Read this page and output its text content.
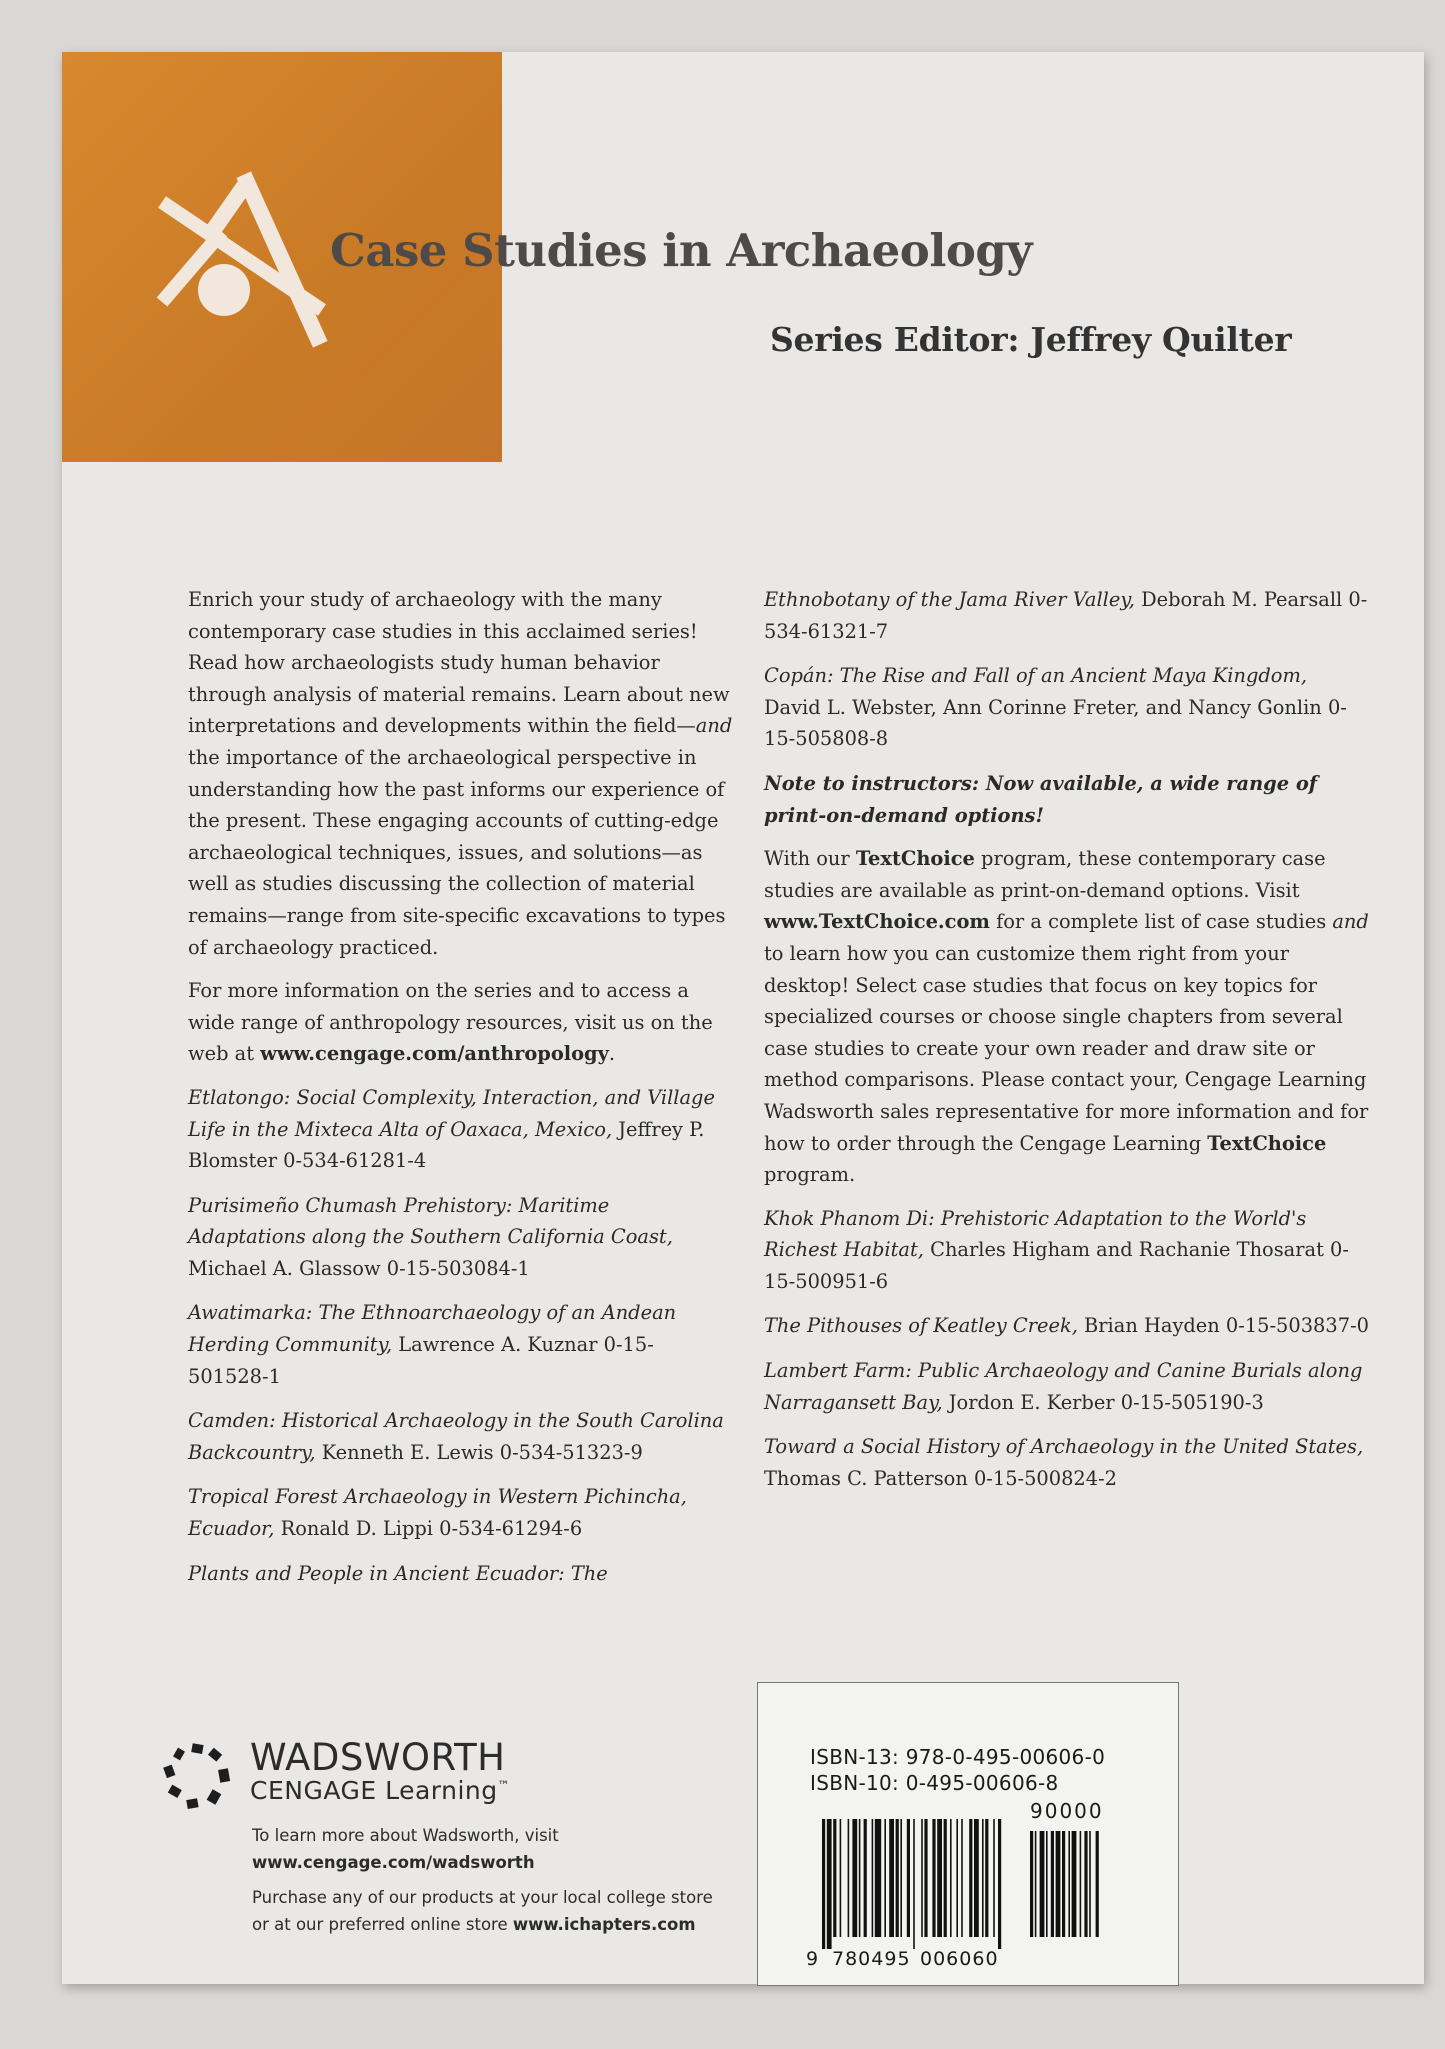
Case Studies in Archaeology
Series Editor: Jeffrey Quilter

Enrich your study of archaeology with the many contemporary case studies in this acclaimed series! Read how archaeologists study human behavior through analysis of material remains. Learn about new interpretations and developments within the field—and the importance of the archaeological perspective in understanding how the past informs our experience of the present. These engaging accounts of cutting-edge archaeological techniques, issues, and solutions—as well as studies discussing the collection of material remains—range from site-specific excavations to types of archaeology practiced.

For more information on the series and to access a wide range of anthropology resources, visit us on the web at www.cengage.com/anthropology.

Etlatongo: Social Complexity, Interaction, and Village Life in the Mixteca Alta of Oaxaca, Mexico, Jeffrey P. Blomster 0-534-61281-4
Purisimeño Chumash Prehistory: Maritime Adaptations along the Southern California Coast, Michael A. Glassow 0-15-503084-1
Awatimarka: The Ethnoarchaeology of an Andean Herding Community, Lawrence A. Kuznar 0-15-501528-1
Camden: Historical Archaeology in the South Carolina Backcountry, Kenneth E. Lewis 0-534-51323-9
Tropical Forest Archaeology in Western Pichincha, Ecuador, Ronald D. Lippi 0-534-61294-6
Plants and People in Ancient Ecuador: The
Ethnobotany of the Jama River Valley, Deborah M. Pearsall 0-534-61321-7
Copán: The Rise and Fall of an Ancient Maya Kingdom, David L. Webster, Ann Corinne Freter, and Nancy Gonlin 0-15-505808-8

Note to instructors: Now available, a wide range of print-on-demand options!

With our TextChoice program, these contemporary case studies are available as print-on-demand options. Visit www.TextChoice.com for a complete list of case studies and to learn how you can customize them right from your desktop! Select case studies that focus on key topics for specialized courses or choose single chapters from several case studies to create your own reader and draw site or method comparisons. Please contact your, Cengage Learning Wadsworth sales representative for more information and for how to order through the Cengage Learning TextChoice program.

Khok Phanom Di: Prehistoric Adaptation to the World's Richest Habitat, Charles Higham and Rachanie Thosarat 0-15-500951-6
The Pithouses of Keatley Creek, Brian Hayden 0-15-503837-0
Lambert Farm: Public Archaeology and Canine Burials along Narragansett Bay, Jordon E. Kerber 0-15-505190-3
Toward a Social History of Archaeology in the United States, Thomas C. Patterson 0-15-500824-2

WADSWORTH

CENGAGE Learning™

To learn more about Wadsworth, visit
www.cengage.com/wadsworth
Purchase any of our products at your local college store
or at our preferred online store www.ichapters.com

ISBN-13: 978-0-495-00606-0

ISBN-10: 0-495-00606-8

90000
9 780495 006060
